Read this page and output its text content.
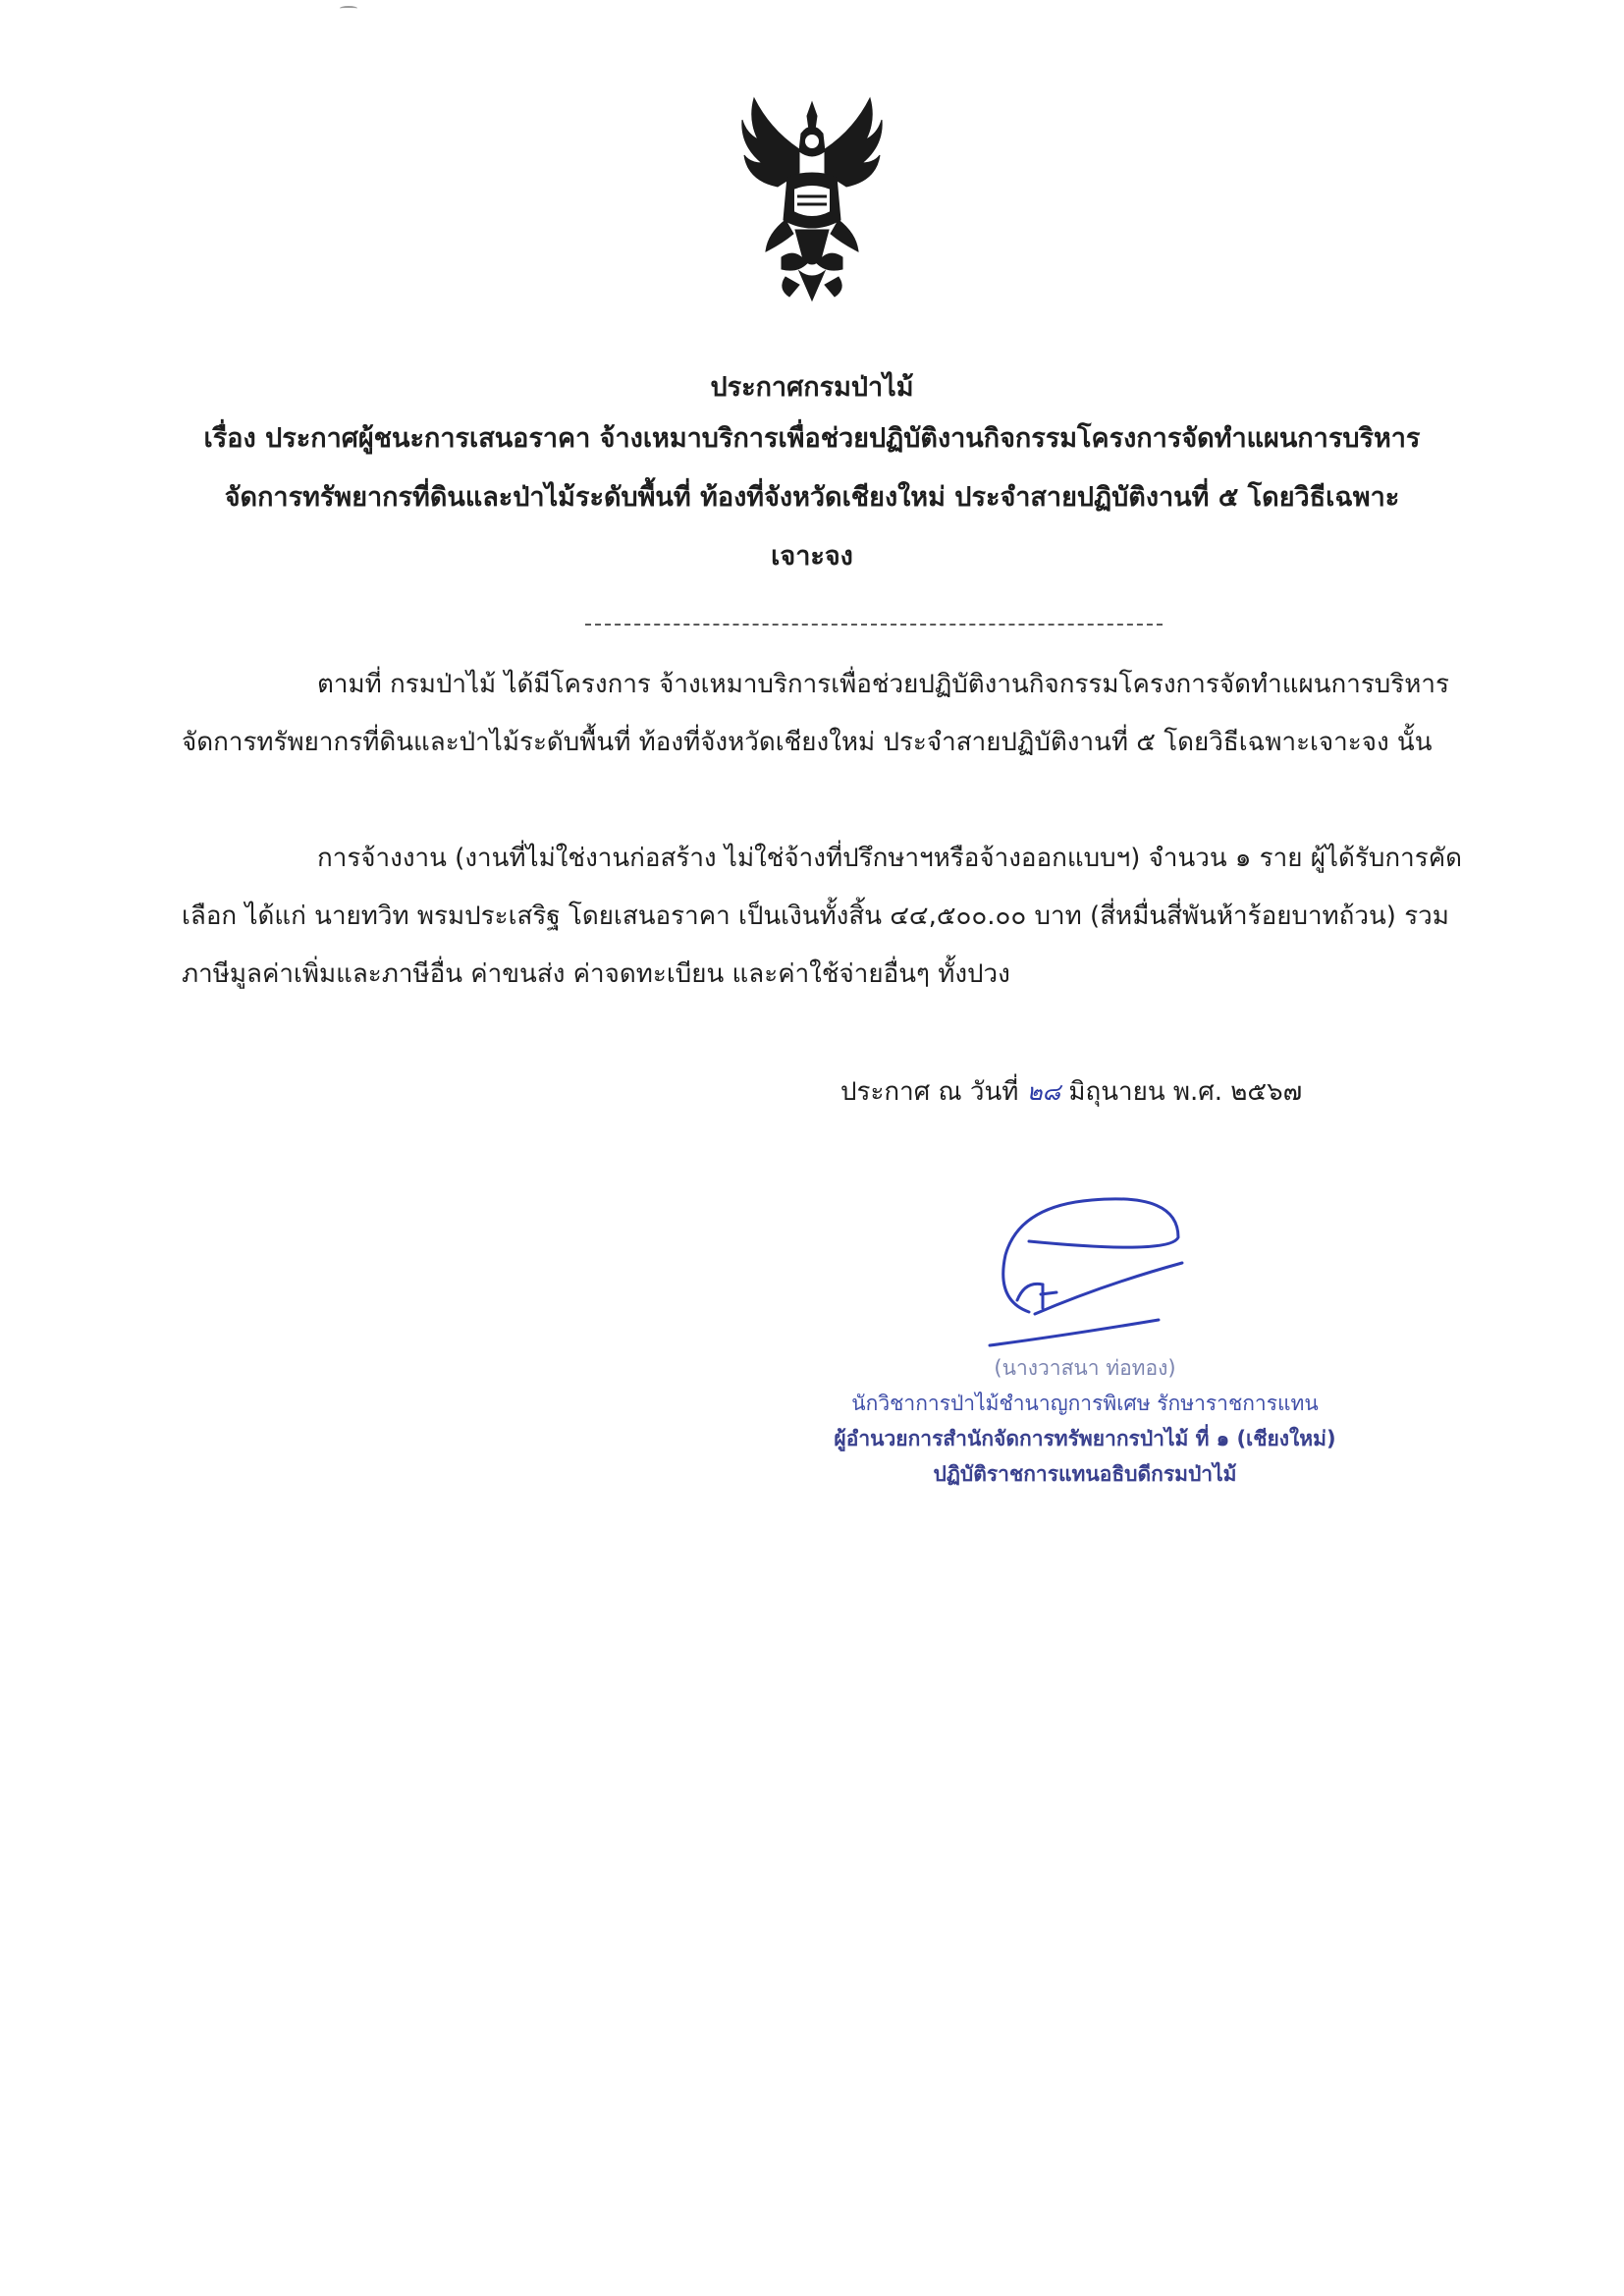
ประกาศกรมป่าไม้

เรื่อง ประกาศผู้ชนะการเสนอราคา จ้างเหมาบริการเพื่อช่วยปฏิบัติงานกิจกรรมโครงการจัดทำแผนการบริหารจัดการทรัพยากรที่ดินและป่าไม้ระดับพื้นที่ ท้องที่จังหวัดเชียงใหม่ ประจำสายปฏิบัติงานที่ ๕ โดยวิธีเฉพาะเจาะจง

ตามที่ กรมป่าไม้ ได้มีโครงการ จ้างเหมาบริการเพื่อช่วยปฏิบัติงานกิจกรรมโครงการจัดทำแผนการบริหารจัดการทรัพยากรที่ดินและป่าไม้ระดับพื้นที่ ท้องที่จังหวัดเชียงใหม่ ประจำสายปฏิบัติงานที่ ๕ โดยวิธีเฉพาะเจาะจง นั้น

การจ้างงาน (งานที่ไม่ใช่งานก่อสร้าง ไม่ใช่จ้างที่ปรึกษาฯหรือจ้างออกแบบฯ) จำนวน ๑ ราย ผู้ได้รับการคัดเลือก ได้แก่ นายทวิท พรมประเสริฐ โดยเสนอราคา เป็นเงินทั้งสิ้น ๔๔,๕๐๐.๐๐ บาท (สี่หมื่นสี่พันห้าร้อยบาทถ้วน) รวมภาษีมูลค่าเพิ่มและภาษีอื่น ค่าขนส่ง ค่าจดทะเบียน และค่าใช้จ่ายอื่นๆ ทั้งปวง

ประกาศ ณ วันที่ ๒๘ มิถุนายน พ.ศ. ๒๕๖๗

(นางวาสนา ท่อทอง)
นักวิชาการป่าไม้ชำนาญการพิเศษ รักษาราชการแทน
ผู้อำนวยการสำนักจัดการทรัพยากรป่าไม้ ที่ ๑ (เชียงใหม่)
ปฏิบัติราชการแทนอธิบดีกรมป่าไม้
